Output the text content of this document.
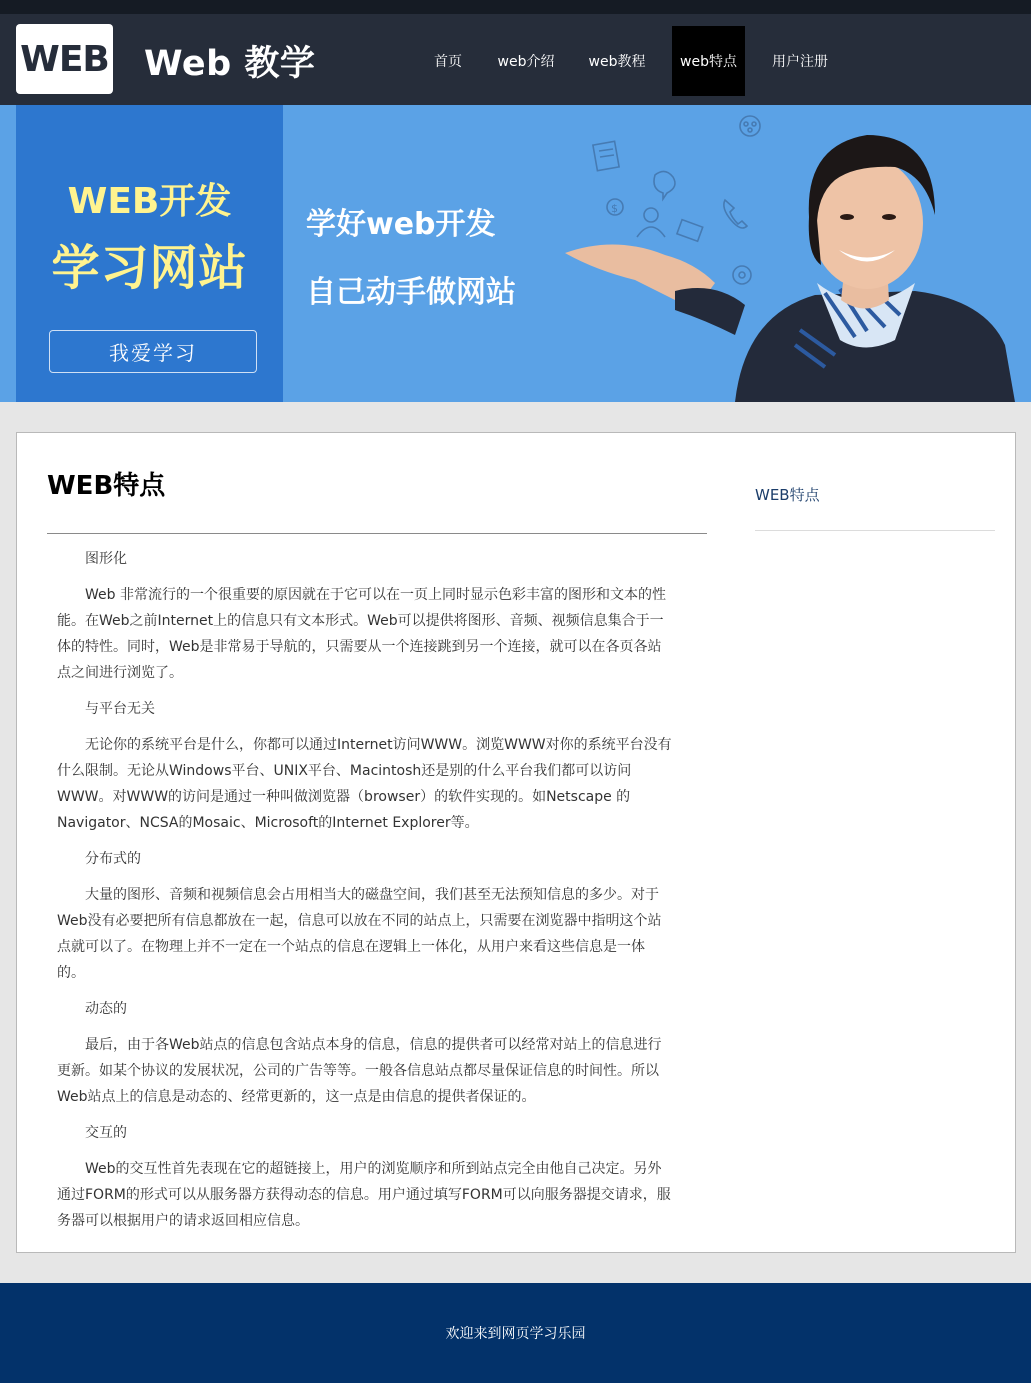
WEB Web 教学	首页	web介绍	web教程	web特点	用户注册
WEB开发
学习网站
我爱学习
学好web开发
自己动手做网站
$
WEB特点

图形化

Web 非常流行的一个很重要的原因就在于它可以在一页上同时显示色彩丰富的图形和文本的性能。在Web之前Internet上的信息只有文本形式。Web可以提供将图形、音频、视频信息集合于一体的特性。同时，Web是非常易于导航的，只需要从一个连接跳到另一个连接，就可以在各页各站点之间进行浏览了。

与平台无关

无论你的系统平台是什么，你都可以通过Internet访问WWW。浏览WWW对你的系统平台没有什么限制。无论从Windows平台、UNIX平台、Macintosh还是别的什么平台我们都可以访问WWW。对WWW的访问是通过一种叫做浏览器（browser）的软件实现的。如Netscape 的Navigator、NCSA的Mosaic、Microsoft的Internet Explorer等。

分布式的

大量的图形、音频和视频信息会占用相当大的磁盘空间，我们甚至无法预知信息的多少。对于Web没有必要把所有信息都放在一起，信息可以放在不同的站点上，只需要在浏览器中指明这个站点就可以了。在物理上并不一定在一个站点的信息在逻辑上一体化，从用户来看这些信息是一体的。

动态的

最后，由于各Web站点的信息包含站点本身的信息，信息的提供者可以经常对站上的信息进行更新。如某个协议的发展状况，公司的广告等等。一般各信息站点都尽量保证信息的时间性。所以Web站点上的信息是动态的、经常更新的，这一点是由信息的提供者保证的。

交互的

Web的交互性首先表现在它的超链接上，用户的浏览顺序和所到站点完全由他自己决定。另外通过FORM的形式可以从服务器方获得动态的信息。用户通过填写FORM可以向服务器提交请求，服务器可以根据用户的请求返回相应信息。

WEB特点
欢迎来到网页学习乐园
